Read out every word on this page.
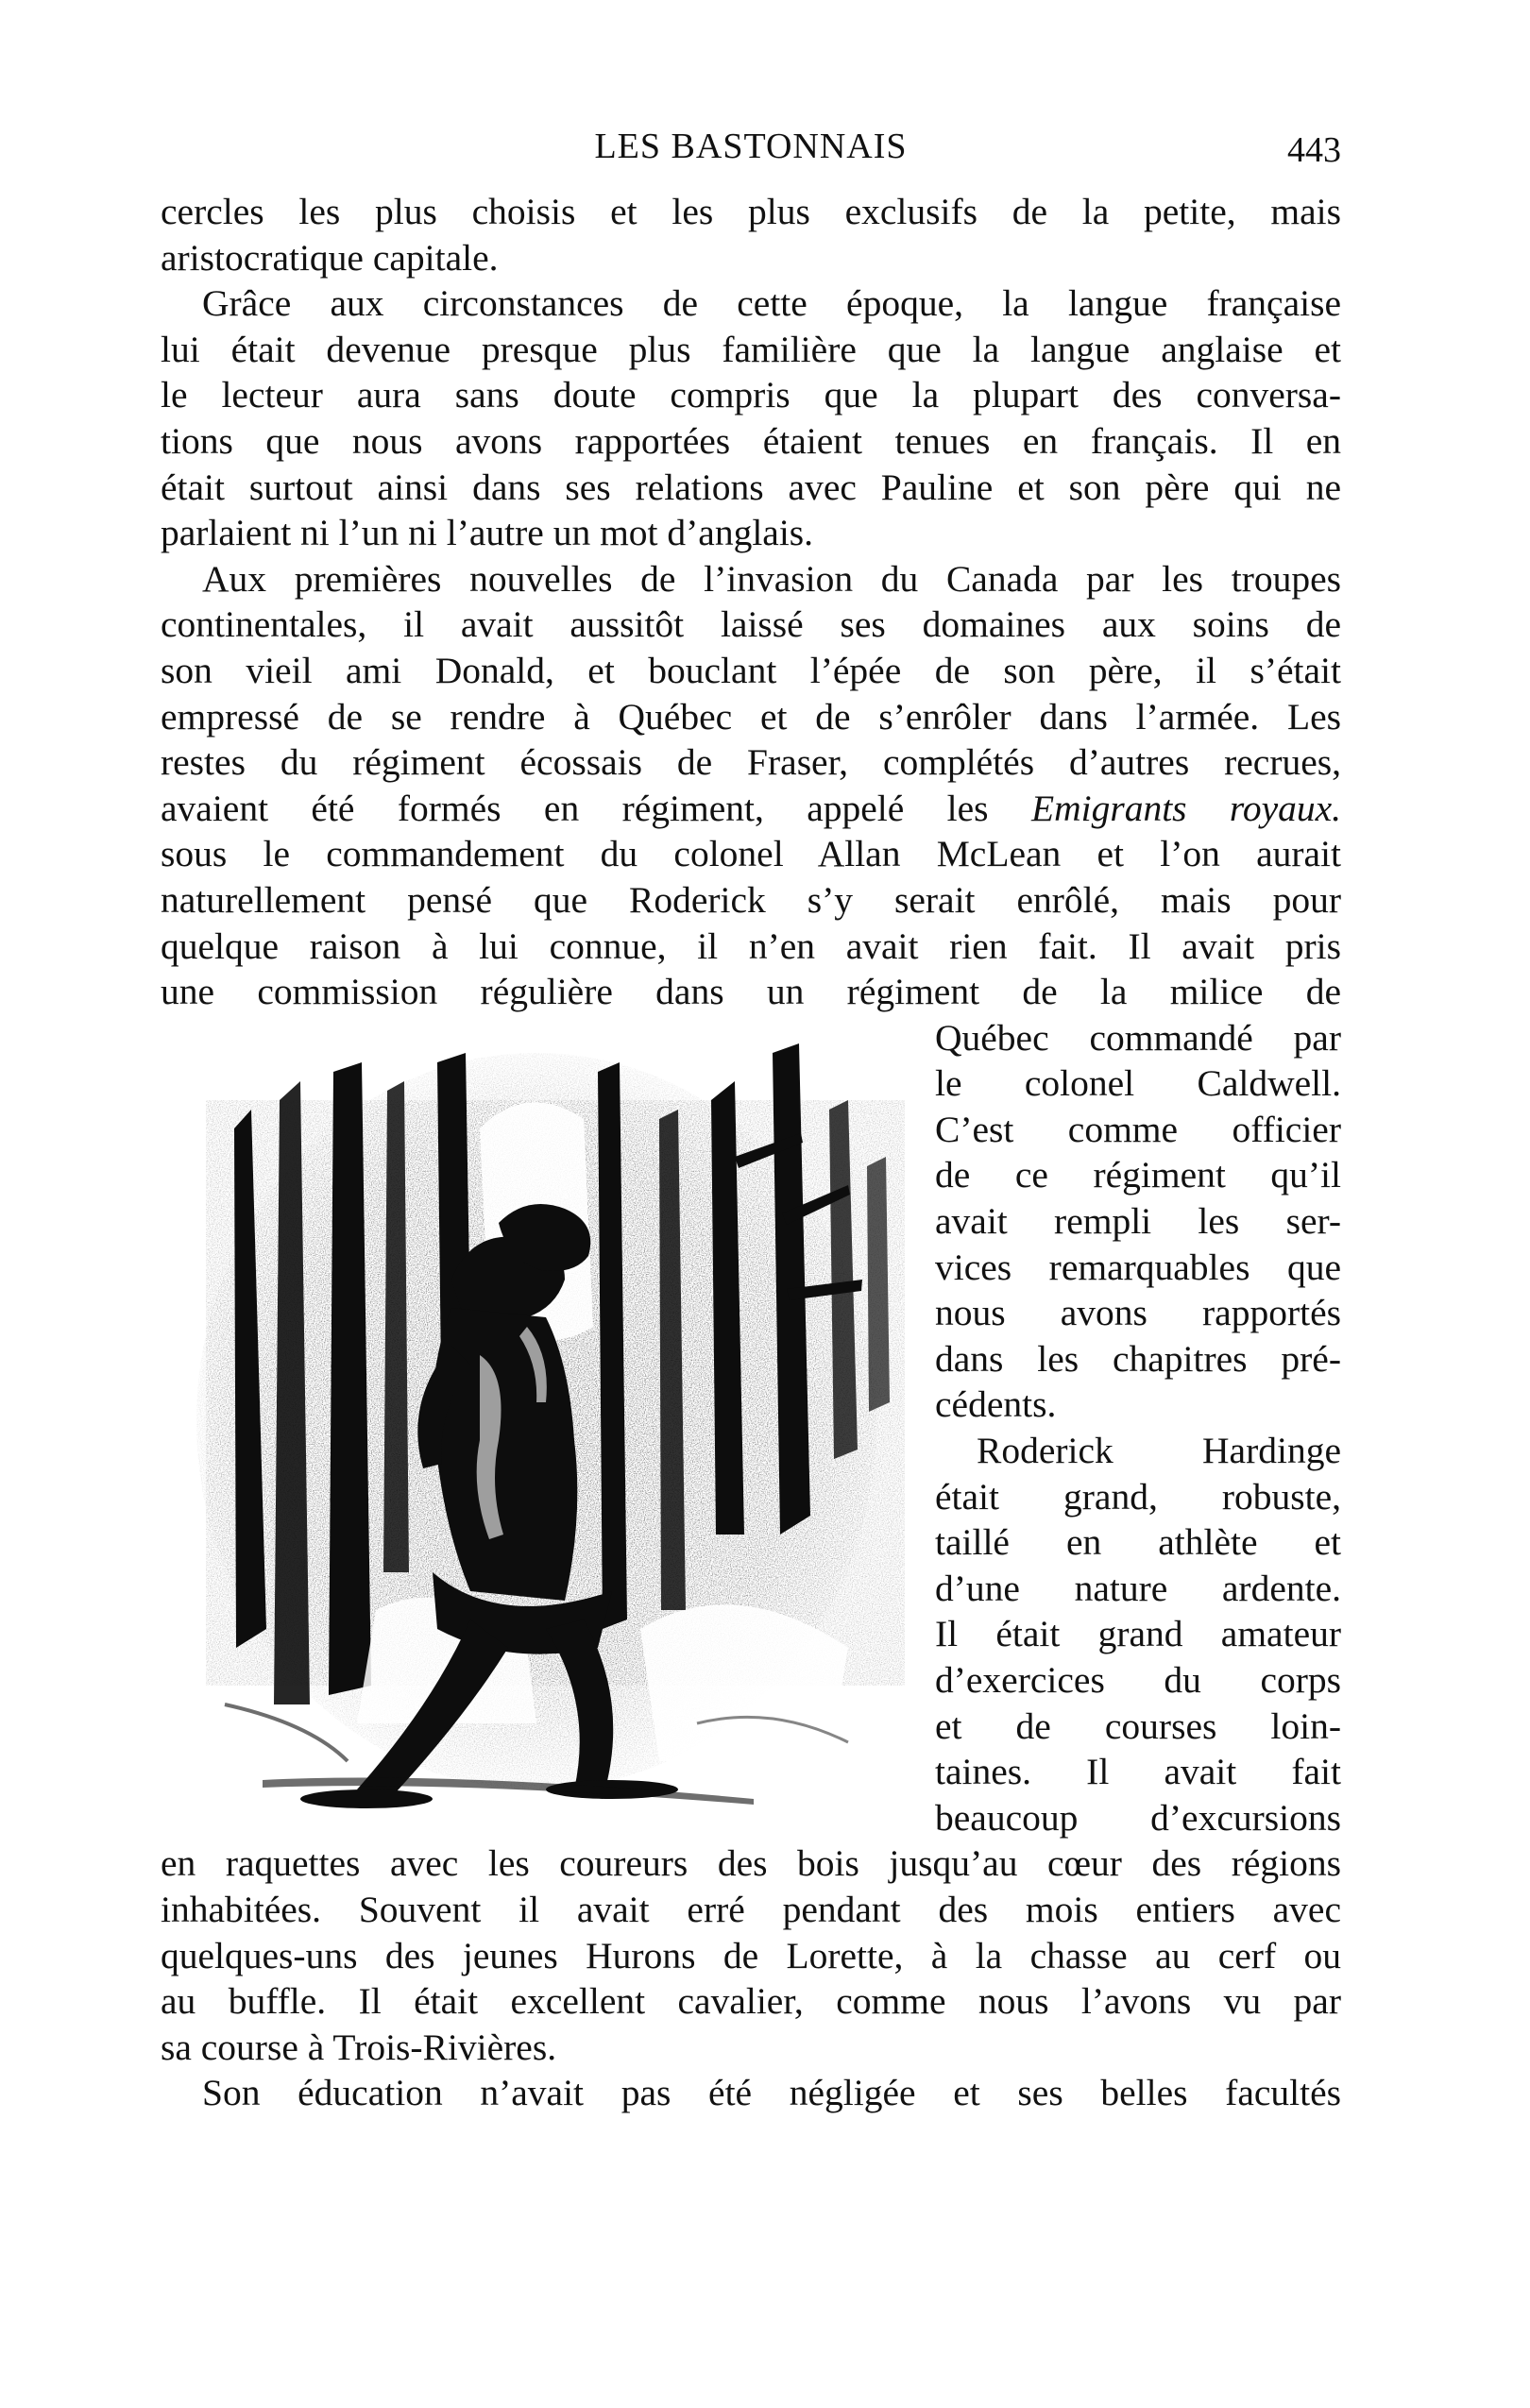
LES BASTONNAIS	443

cercles les plus choisis et les plus exclusifs de la petite, mais
aristocratique capitale.

Grâce aux circonstances de cette époque, la langue française
lui était devenue presque plus familière que la langue anglaise et
le lecteur aura sans doute compris que la plupart des conversa-
tions que nous avons rapportées étaient tenues en français. Il en
était surtout ainsi dans ses relations avec Pauline et son père qui ne
parlaient ni l’un ni l’autre un mot d’anglais.

Aux premières nouvelles de l’invasion du Canada par les troupes
continentales, il avait aussitôt laissé ses domaines aux soins de
son vieil ami Donald, et bouclant l’épée de son père, il s’était
empressé de se rendre à Québec et de s’enrôler dans l’armée. Les
restes du régiment écossais de Fraser, complétés d’autres recrues,
avaient été formés en régiment, appelé les Emigrants royaux.
sous le commandement du colonel Allan McLean et l’on aurait
naturellement pensé que Roderick s’y serait enrôlé, mais pour
quelque raison à lui connue, il n’en avait rien fait. Il avait pris
une commission régulière dans un régiment de la milice de
Québec commandé par
le colonel Caldwell.
C’est comme officier
de ce régiment qu’il
avait rempli les ser-
vices remarquables que
nous avons rapportés
dans les chapitres pré-
cédents.

Roderick Hardinge
était grand, robuste,
taillé en athlète et
d’une nature ardente.
Il était grand amateur
d’exercices du corps
et de courses loin-
taines. Il avait fait
beaucoup d’excursions
en raquettes avec les coureurs des bois jusqu’au cœur des régions
inhabitées. Souvent il avait erré pendant des mois entiers avec
quelques-uns des jeunes Hurons de Lorette, à la chasse au cerf ou
au buffle. Il était excellent cavalier, comme nous l’avons vu par
sa course à Trois-Rivières.

Son éducation n’avait pas été négligée et ses belles facultés
